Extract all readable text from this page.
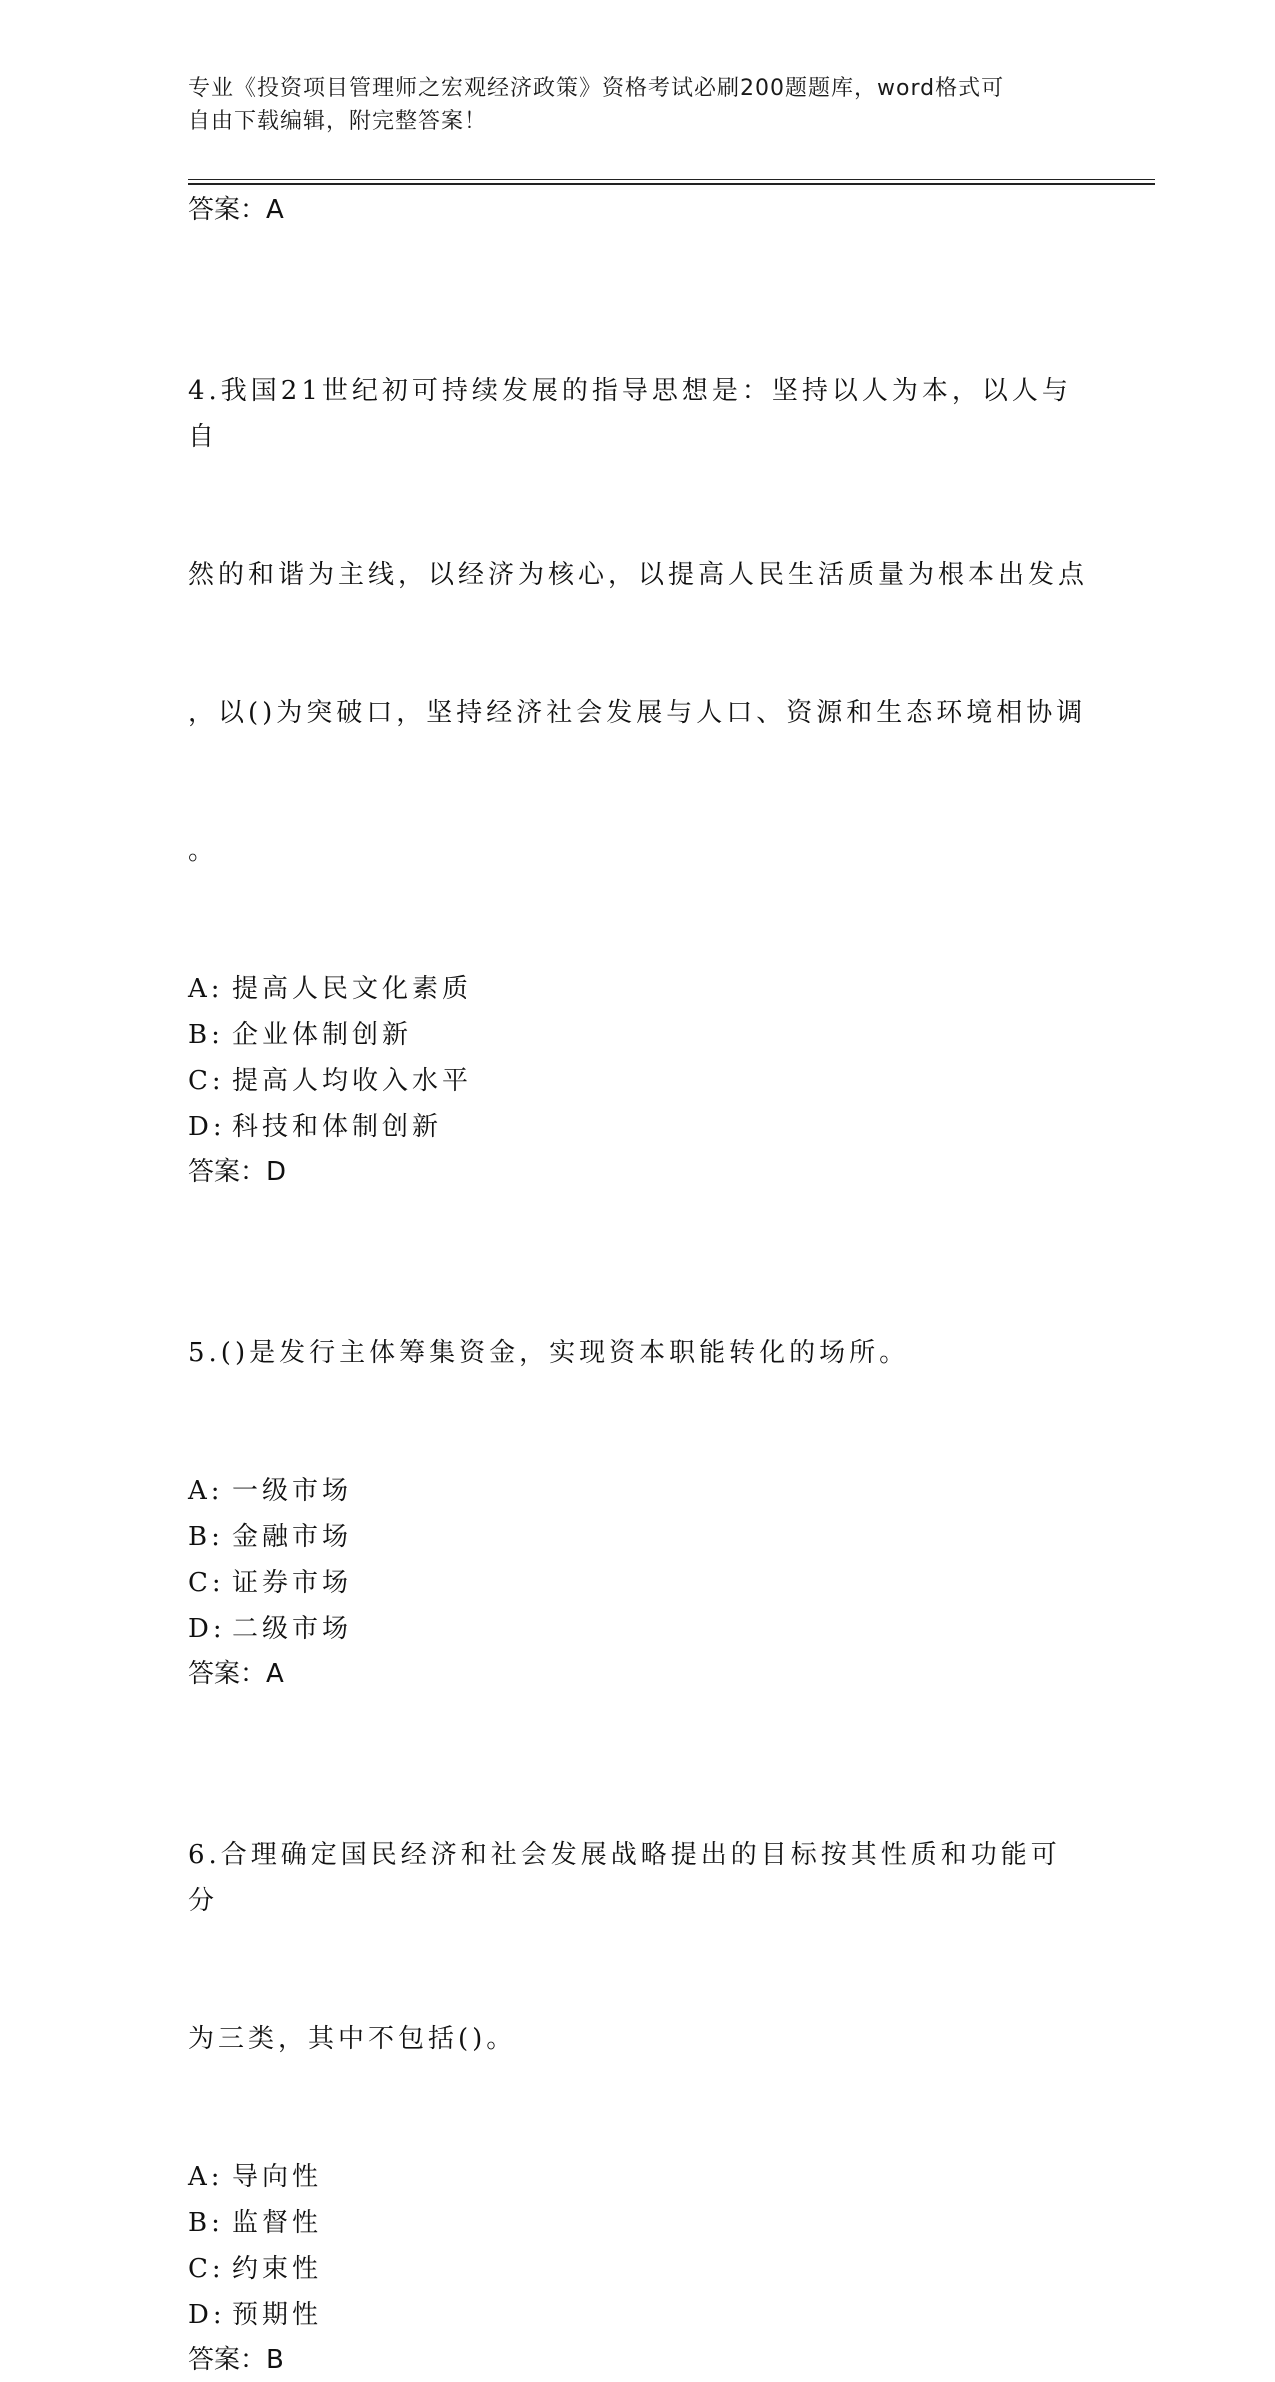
专业《投资项目管理师之宏观经济政策》资格考试必刷200题题库，word格式可
自由下载编辑，附完整答案！
答案：A

4.我国21世纪初可持续发展的指导思想是：坚持以人为本，以人与自

然的和谐为主线，以经济为核心，以提高人民生活质量为根本出发点

，以()为突破口，坚持经济社会发展与人口、资源和生态环境相协调

。

A: 提高人民文化素质
B: 企业体制创新
C: 提高人均收入水平
D: 科技和体制创新
答案：D

5.()是发行主体筹集资金，实现资本职能转化的场所。

A: 一级市场
B: 金融市场
C: 证券市场
D: 二级市场
答案：A

6.合理确定国民经济和社会发展战略提出的目标按其性质和功能可分

为三类，其中不包括()。

A: 导向性
B: 监督性
C: 约束性
D: 预期性
答案：B
